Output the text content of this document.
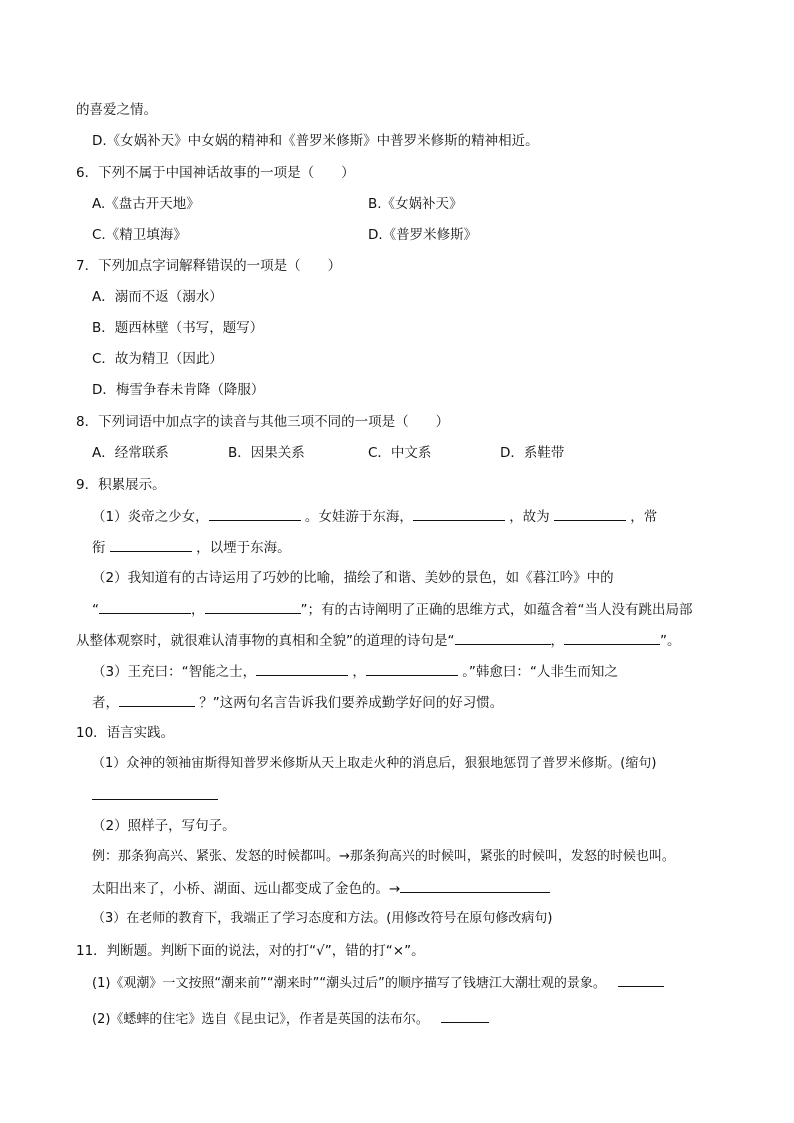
的喜爱之情。
D.《女娲补天》中女娲的精神和《普罗米修斯》中普罗米修斯的精神相近。
6．下列不属于中国神话故事的一项是（　　）
A.《盘古开天地》	B.《女娲补天》
C.《精卫填海》	D.《普罗米修斯》
7．下列加点字词解释错误的一项是（　　）
A．溺而不返（溺水）
B．题西林壁（书写，题写）
C．故为精卫（因此）
D．梅雪争春未肯降（降服）
8．下列词语中加点字的读音与其他三项不同的一项是（　　）
A．经常联系	B．因果关系	C．中文系	D．系鞋带
9．积累展示。
（1）炎帝之少女，	。女娃游于东海，	，故为	，常
衔	，以堙于东海。
（2）我知道有的古诗运用了巧妙的比喻，描绘了和谐、美妙的景色，如《暮江吟》中的
“	，	”；有的古诗阐明了正确的思维方式，如蕴含着“当人没有跳出局部
从整体观察时，就很难认清事物的真相和全貌”的道理的诗句是“	，	”。
（3）王充曰：“智能之士，	，	。”韩愈曰：“人非生而知之
者，	？”这两句名言告诉我们要养成勤学好问的好习惯。
10．语言实践。
（1）众神的领袖宙斯得知普罗米修斯从天上取走火种的消息后，狠狠地惩罚了普罗米修斯。(缩句)
（2）照样子，写句子。
例：那条狗高兴、紧张、发怒的时候都叫。→那条狗高兴的时候叫，紧张的时候叫，发怒的时候也叫。
太阳出来了，小桥、湖面、远山都变成了金色的。→
（3）在老师的教育下，我端正了学习态度和方法。(用修改符号在原句修改病句)
11．判断题。判断下面的说法，对的打“√”，错的打“×”。
(1)《观潮》一文按照“潮来前”“潮来时”“潮头过后”的顺序描写了钱塘江大潮壮观的景象。
(2)《蟋蟀的住宅》选自《昆虫记》，作者是英国的法布尔。
